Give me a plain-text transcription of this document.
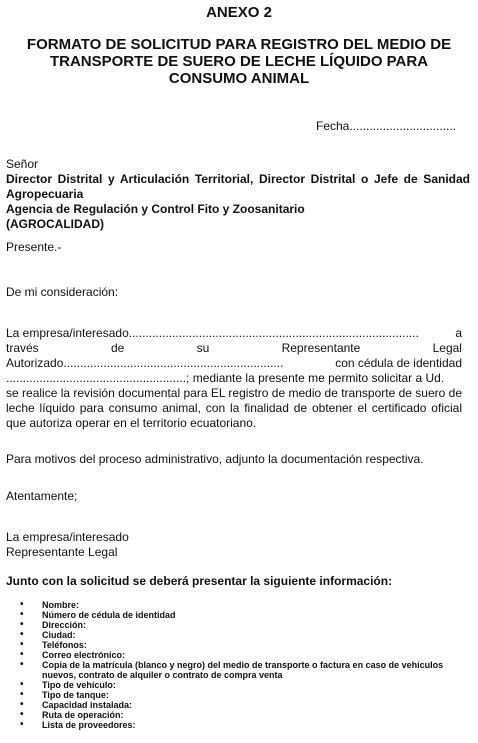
ANEXO 2
FORMATO DE SOLICITUD PARA REGISTRO DEL MEDIO DE
TRANSPORTE DE SUERO DE LECHE LÍQUIDO PARA
CONSUMO ANIMAL
Fecha................................
Señor
Director Distrital y Articulación Territorial, Director Distrital o Jefe de Sanidad
Agropecuaria
Agencia de Regulación y Control Fito y Zoosanitario
(AGROCALIDAD)
Presente.-
De mi consideración:
La empresa/interesado.......................................................................................	a
través	de	su	Representante	Legal
Autorizado..................................................................	con cédula de identidad
......................................................; mediante la presente me permito solicitar a Ud.
se realice la revisión documental para EL registro de medio de transporte de suero de leche líquido para consumo animal, con la finalidad de obtener el certificado oficial que autoriza operar en el territorio ecuatoriano.
Para motivos del proceso administrativo, adjunto la documentación respectiva.
Atentamente;
La empresa/interesado
Representante Legal
Junto con la solicitud se deberá presentar la siguiente información:
• Nombre:
• Número de cédula de identidad
• Dirección:
• Ciudad:
• Teléfonos:
• Correo electrónico:
• Copia de la matrícula (blanco y negro) del medio de transporte o factura en caso de vehículos nuevos, contrato de alquiler o contrato de compra venta
• Tipo de vehículo:
• Tipo de tanque:
• Capacidad instalada:
• Ruta de operación:
• Lista de proveedores:
